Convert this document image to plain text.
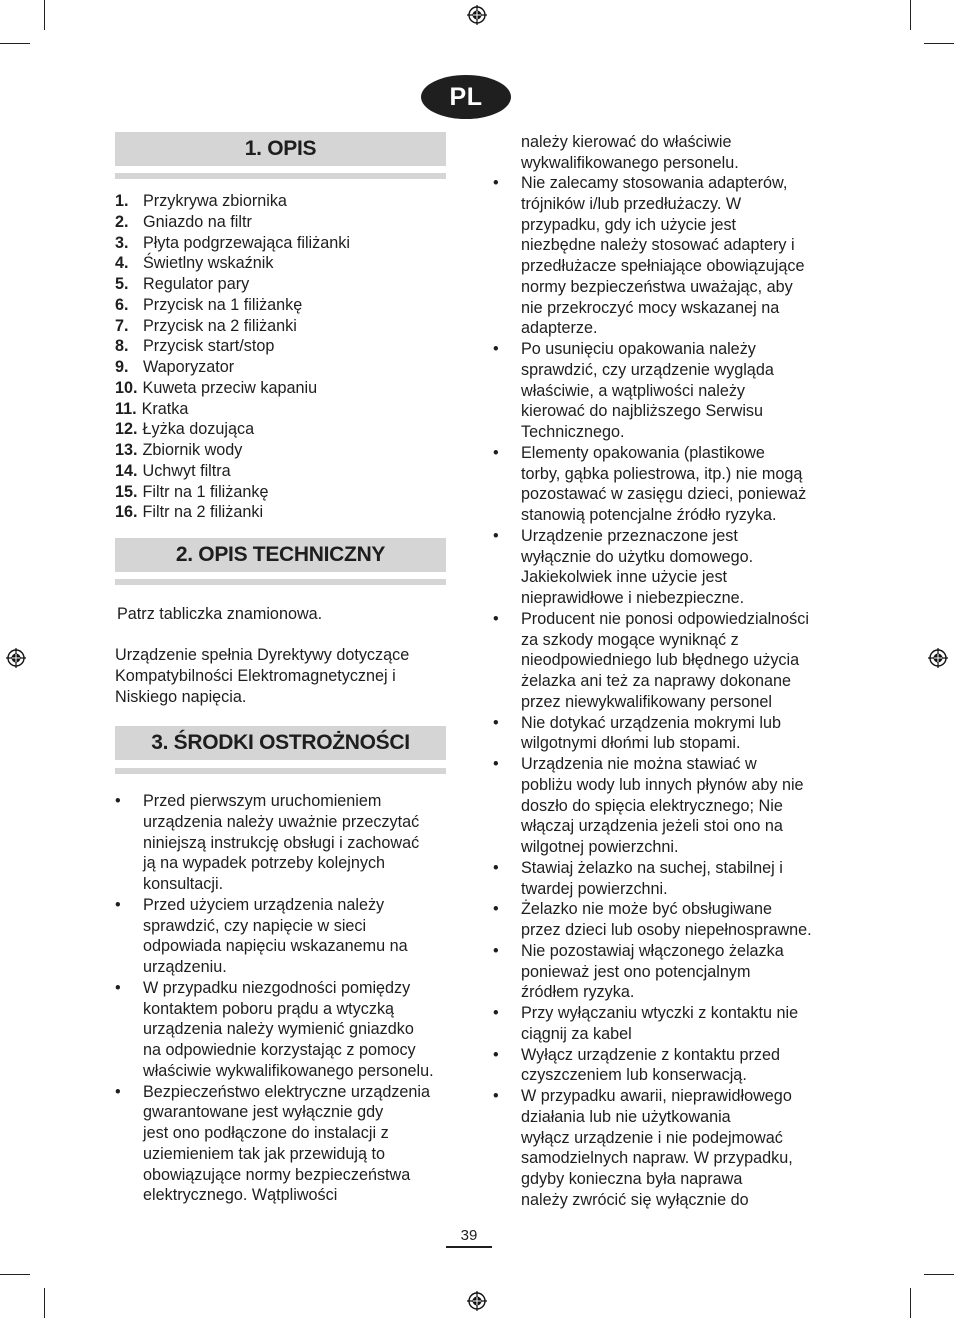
PL
1. OPIS
1. Przykrywa zbiornika
2. Gniazdo na filtr
3. Płyta podgrzewająca filiżanki
4. Świetlny wskaźnik
5. Regulator pary
6. Przycisk na 1 filiżankę
7. Przycisk na 2 filiżanki
8. Przycisk start/stop
9. Waporyzator
10. Kuweta przeciw kapaniu
11. Kratka
12. Łyżka dozująca
13. Zbiornik wody
14. Uchwyt filtra
15. Filtr na 1 filiżankę
16. Filtr na 2 filiżanki
2. OPIS TECHNICZNY

Patrz tabliczka znamionowa.

Urządzenie spełnia Dyrektywy dotyczące
Kompatybilności Elektromagnetycznej i
Niskiego napięcia.

3. ŚRODKI OSTROŻNOŚCI
• Przed pierwszym uruchomieniem
urządzenia należy uważnie przeczytać
niniejszą instrukcję obsługi i zachować
ją na wypadek potrzeby kolejnych
konsultacji.
• Przed użyciem urządzenia należy
sprawdzić, czy napięcie w sieci
odpowiada napięciu wskazanemu na
urządzeniu.
• W przypadku niezgodności pomiędzy
kontaktem poboru prądu a wtyczką
urządzenia należy wymienić gniazdko
na odpowiednie korzystając z pomocy
właściwie wykwalifikowanego personelu.
• Bezpieczeństwo elektryczne urządzenia
gwarantowane jest wyłącznie gdy
jest ono podłączone do instalacji z
uziemieniem tak jak przewidują to
obowiązujące normy bezpieczeństwa
elektrycznego. Wątpliwości

należy kierować do właściwie
wykwalifikowanego personelu.

• Nie zalecamy stosowania adapterów,
trójników i/lub przedłużaczy. W
przypadku, gdy ich użycie jest
niezbędne należy stosować adaptery i
przedłużacze spełniające obowiązujące
normy bezpieczeństwa uważając, aby
nie przekroczyć mocy wskazanej na
adapterze.
• Po usunięciu opakowania należy
sprawdzić, czy urządzenie wygląda
właściwie, a wątpliwości należy
kierować do najbliższego Serwisu
Technicznego.
• Elementy opakowania (plastikowe
torby, gąbka poliestrowa, itp.) nie mogą
pozostawać w zasięgu dzieci, ponieważ
stanowią potencjalne źródło ryzyka.
• Urządzenie przeznaczone jest
wyłącznie do użytku domowego.
Jakiekolwiek inne użycie jest
nieprawidłowe i niebezpieczne.
• Producent nie ponosi odpowiedzialności
za szkody mogące wyniknąć z
nieodpowiedniego lub błędnego użycia
żelazka ani też za naprawy dokonane
przez niewykwalifikowany personel
• Nie dotykać urządzenia mokrymi lub
wilgotnymi dłońmi lub stopami.
• Urządzenia nie można stawiać w
pobliżu wody lub innych płynów aby nie
doszło do spięcia elektrycznego; Nie
włączaj urządzenia jeżeli stoi ono na
wilgotnej powierzchni.
• Stawiaj żelazko na suchej, stabilnej i
twardej powierzchni.
• Żelazko nie może być obsługiwane
przez dzieci lub osoby niepełnosprawne.
• Nie pozostawiaj włączonego żelazka
ponieważ jest ono potencjalnym
źródłem ryzyka.
• Przy wyłączaniu wtyczki z kontaktu nie
ciągnij za kabel
• Wyłącz urządzenie z kontaktu przed
czyszczeniem lub konserwacją.
• W przypadku awarii, nieprawidłowego
działania lub nie użytkowania
wyłącz urządzenie i nie podejmować
samodzielnych napraw. W przypadku,
gdyby konieczna była naprawa
należy zwrócić się wyłącznie do
39
